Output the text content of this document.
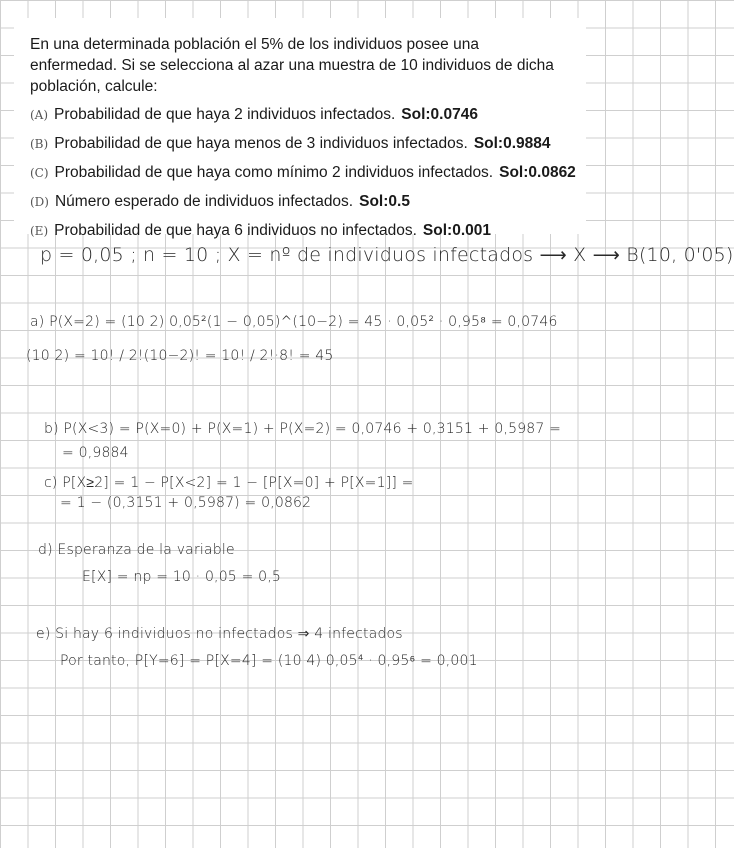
En una determinada población el 5% de los individuos posee una enfermedad. Si se selecciona al azar una muestra de 10 individuos de dicha población, calcule:

(A) Probabilidad de que haya 2 individuos infectados. Sol:0.0746
(B) Probabilidad de que haya menos de 3 individuos infectados. Sol:0.9884
(C) Probabilidad de que haya como mínimo 2 individuos infectados. Sol:0.0862
(D) Número esperado de individuos infectados. Sol:0.5
(E) Probabilidad de que haya 6 individuos no infectados. Sol:0.001
p = 0,05 ; n = 10 ; X = nº de individuos infectados ⟶ X ⟶ B(10, 0'05)
a) P(X=2) = (10 2) 0,05²(1 − 0,05)^(10−2) = 45 · 0,05² · 0,95⁸ = 0,0746
(10 2) = 10! / 2!(10−2)! = 10! / 2!·8! = 45
b) P(X<3) = P(X=0) + P(X=1) + P(X=2) = 0,0746 + 0,3151 + 0,5987 =
= 0,9884
c) P[X≥2] = 1 − P[X<2] = 1 − [P[X=0] + P[X=1]] =
= 1 − (0,3151 + 0,5987) = 0,0862
d) Esperanza de la variable
E[X] = np = 10 · 0,05 = 0,5
e) Si hay 6 individuos no infectados ⇒ 4 infectados
Por tanto, P[Y=6] = P[X=4] = (10 4) 0,05⁴ · 0,95⁶ = 0,001
